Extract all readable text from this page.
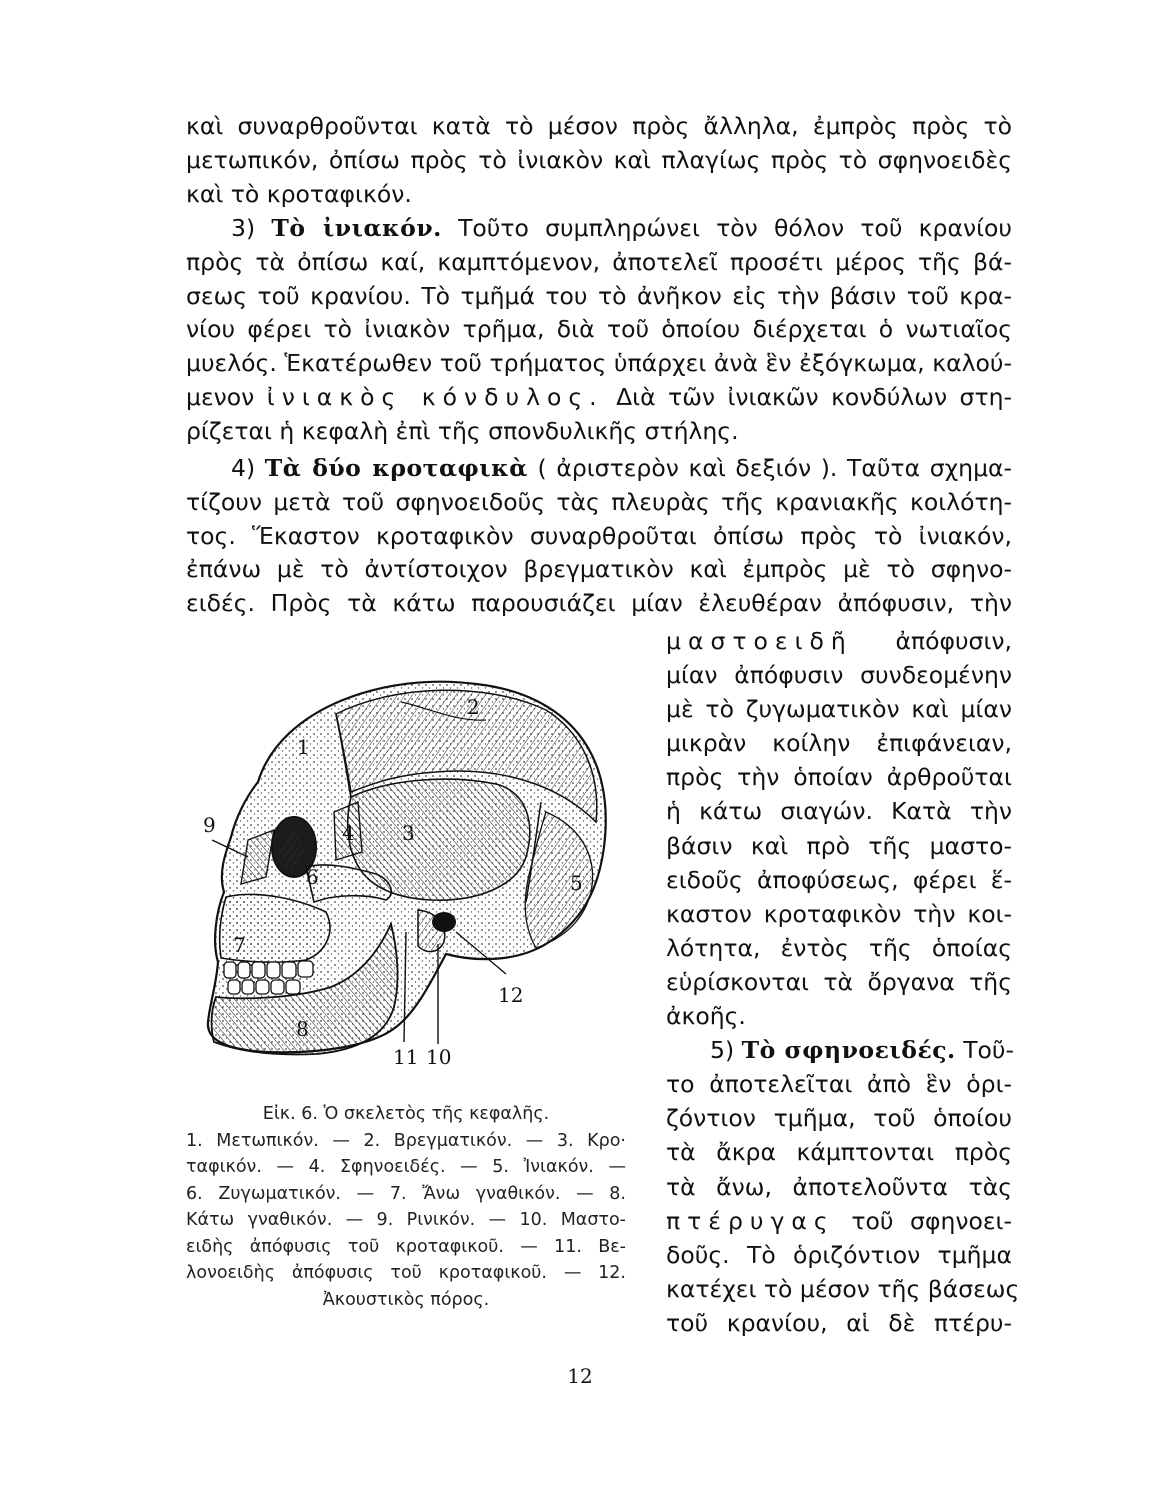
καὶ συναρθροῦνται κατὰ τὸ μέσον πρὸς ἄλληλα, ἐμπρὸς πρὸς τὸ
μετωπικόν, ὀπίσω πρὸς τὸ ἰνιακὸν καὶ πλαγίως πρὸς τὸ σφηνοειδὲς
καὶ τὸ κροταφικόν.
3) Τὸ ἰνιακόν. Τοῦτο συμπληρώνει τὸν θόλον τοῦ κρανίου
πρὸς τὰ ὀπίσω καί, καμπτόμενον, ἀποτελεῖ προσέτι μέρος τῆς βά-
σεως τοῦ κρανίου. Τὸ τμῆμά του τὸ ἀνῆκον εἰς τὴν βάσιν τοῦ κρα-
νίου φέρει τὸ ἰνιακὸν τρῆμα, διὰ τοῦ ὁποίου διέρχεται ὁ νωτιαῖος
μυελός. Ἑκατέρωθεν τοῦ τρήματος ὑπάρχει ἀνὰ ἓν ἐξόγκωμα, καλού-
μενον ἰνιακὸς κόνδυλος. Διὰ τῶν ἰνιακῶν κονδύλων στη-
ρίζεται ἡ κεφαλὴ ἐπὶ τῆς σπονδυλικῆς στήλης.
4) Τὰ δύο κροταφικὰ ( ἀριστερὸν καὶ δεξιόν ). Ταῦτα σχημα-
τίζουν μετὰ τοῦ σφηνοειδοῦς τὰς πλευρὰς τῆς κρανιακῆς κοιλότη-
τος. Ἕκαστον κροταφικὸν συναρθροῦται ὀπίσω πρὸς τὸ ἰνιακόν,
ἐπάνω μὲ τὸ ἀντίστοιχον βρεγματικὸν καὶ ἐμπρὸς μὲ τὸ σφηνο-
ειδές. Πρὸς τὰ κάτω παρουσιάζει μίαν ἐλευθέραν ἀπόφυσιν, τὴν
μαστοειδῆ ἀπόφυσιν,
μίαν ἀπόφυσιν συνδεομένην
μὲ τὸ ζυγωματικὸν καὶ μίαν
μικρὰν κοίλην ἐπιφάνειαν,
πρὸς τὴν ὁποίαν ἀρθροῦται
ἡ κάτω σιαγών. Κατὰ τὴν
βάσιν καὶ πρὸ τῆς μαστο-
ειδοῦς ἀποφύσεως, φέρει ἕ-
καστον κροταφικὸν τὴν κοι-
λότητα, ἐντὸς τῆς ὁποίας
εὑρίσκονται τὰ ὄργανα τῆς
ἀκοῆς.
5) Τὸ σφηνοειδές. Τοῦ-
το ἀποτελεῖται ἀπὸ ἓν ὁρι-
ζόντιον τμῆμα, τοῦ ὁποίου
τὰ ἄκρα κάμπτονται πρὸς
τὰ ἄνω, ἀποτελοῦντα τὰς
πτέρυγας τοῦ σφηνοει-
δοῦς. Τὸ ὁριζόντιον τμῆμα
κατέχει τὸ μέσον τῆς βάσεως
τοῦ κρανίου, αἱ δὲ πτέρυ-
1
2
3
4
5
6
7
8
9
10
11
12
Εἰκ. 6. Ὁ σκελετὸς τῆς κεφαλῆς.
1. Μετωπικόν. — 2. Βρεγματικόν. — 3. Κρο·
ταφικόν. — 4. Σφηνοειδές. — 5. Ἰνιακόν. —
6. Ζυγωματικόν. — 7. Ἄνω γναθικόν. — 8.
Κάτω γναθικόν. — 9. Ρινικόν. — 10. Μαστο-
ειδὴς ἀπόφυσις τοῦ κροταφικοῦ. — 11. Βε-
λονοειδὴς ἀπόφυσις τοῦ κροταφικοῦ. — 12.
Ἀκουστικὸς πόρος.
12
